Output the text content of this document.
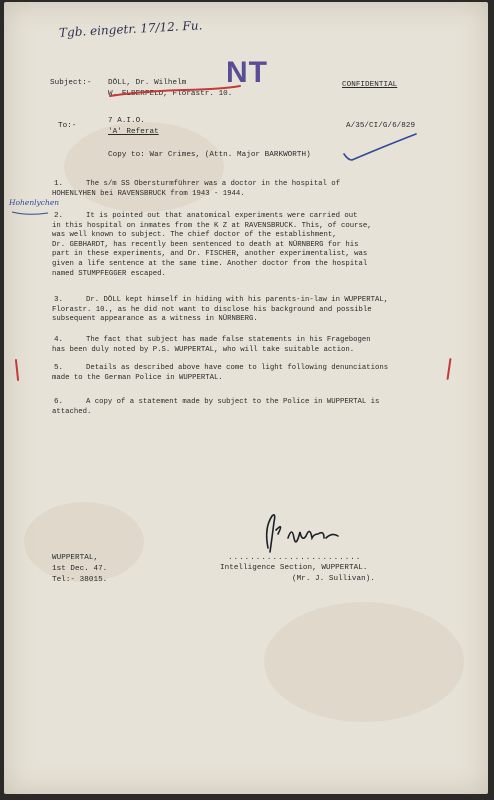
Tgb. eingetr. 17/12. Fu.
Subject:- DÖLL, Dr. Wilhelm
W. ELBERFELD, Florastr. 10.
NT	CONFIDENTIAL
To:-
7 A.I.O.
'A' Referat
A/35/CI/G/6/829
Copy to: War Crimes, (Attn. Major BARKWORTH)
Hohenlychen
1.	The s/m SS Obersturmführer was a doctor in the hospital of
HOHENLYHEN bei RAVENSBRUCK from 1943 - 1944.
2.	It is pointed out that anatomical experiments were carried out
in this hospital on inmates from the K Z at RAVENSBRUCK. This, of course,
was well known to subject. The chief doctor of the establishment,
Dr. GEBHARDT, has recently been sentenced to death at NÜRNBERG for his
part in these experiments, and Dr. FISCHER, another experimentalist, was
given a life sentence at the same time. Another doctor from the hospital
named STUMPFEGGER escaped.
3.	Dr. DÖLL kept himself in hiding with his parents-in-law in WUPPERTAL,
Florastr. 10., as he did not want to disclose his background and possible
subsequent appearance as a witness in NÜRNBERG.
4.	The fact that subject has made false statements in his Fragebogen
has been duly noted by P.S. WUPPERTAL, who will take suitable action.
5.	Details as described above have come to light following denunciations
made to the German Police in WUPPERTAL.
6.	A copy of a statement made by subject to the Police in WUPPERTAL is
attached.
WUPPERTAL,
1st Dec. 47.
Tel:- 38015.
........................
Intelligence Section, WUPPERTAL.
(Mr. J. Sullivan).
